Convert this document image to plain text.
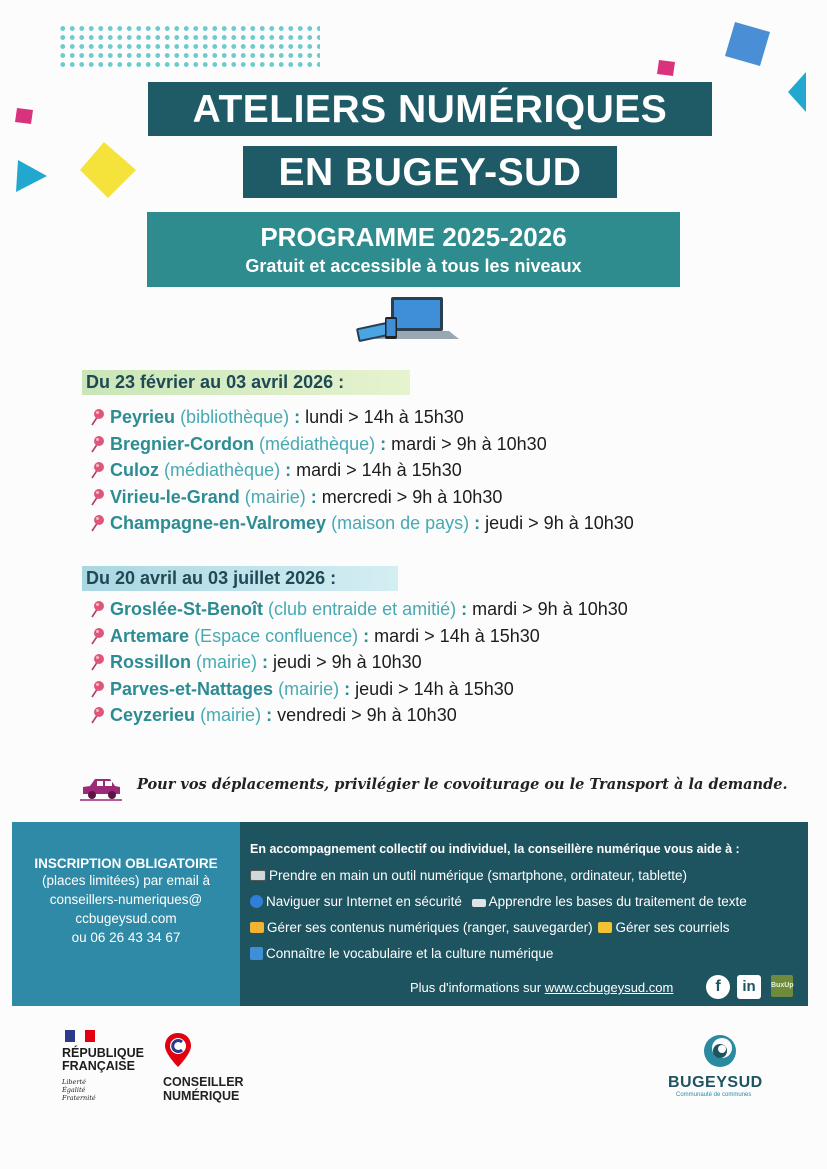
ATELIERS NUMÉRIQUES
EN BUGEY-SUD
PROGRAMME 2025-2026
Gratuit et accessible à tous les niveaux
Du 23 février au 03 avril 2026 :
Peyrieu (bibliothèque) : lundi > 14h à 15h30
Bregnier-Cordon (médiathèque) : mardi > 9h à 10h30
Culoz (médiathèque) : mardi > 14h à 15h30
Virieu-le-Grand (mairie) : mercredi > 9h à 10h30
Champagne-en-Valromey (maison de pays) : jeudi > 9h à 10h30
Du 20 avril au 03 juillet 2026 :
Groslée-St-Benoît (club entraide et amitié) : mardi > 9h à 10h30
Artemare (Espace confluence) : mardi > 14h à 15h30
Rossillon (mairie) : jeudi > 9h à 10h30
Parves-et-Nattages (mairie) : jeudi > 14h à 15h30
Ceyzerieu (mairie) : vendredi > 9h à 10h30
Pour vos déplacements, privilégier le covoiturage ou le Transport à la demande.
INSCRIPTION OBLIGATOIRE
(places limitées) par email à
conseillers-numeriques@
ccbugeysud.com
ou 06 26 43 34 67
En accompagnement collectif ou individuel, la conseillère numérique vous aide à :
Prendre en main un outil numérique (smartphone, ordinateur, tablette)
Naviguer sur Internet en sécurité Apprendre les bases du traitement de texte
Gérer ses contenus numériques (ranger, sauvegarder) Gérer ses courriels
Connaître le vocabulaire et la culture numérique
Plus d'informations sur www.ccbugeysud.com	f	in	BuxUp
RÉPUBLIQUE
FRANÇAISE
Liberté
Égalité
Fraternité
CONSEILLER
NUMÉRIQUE
BUGEYSUD
Communauté de communes
